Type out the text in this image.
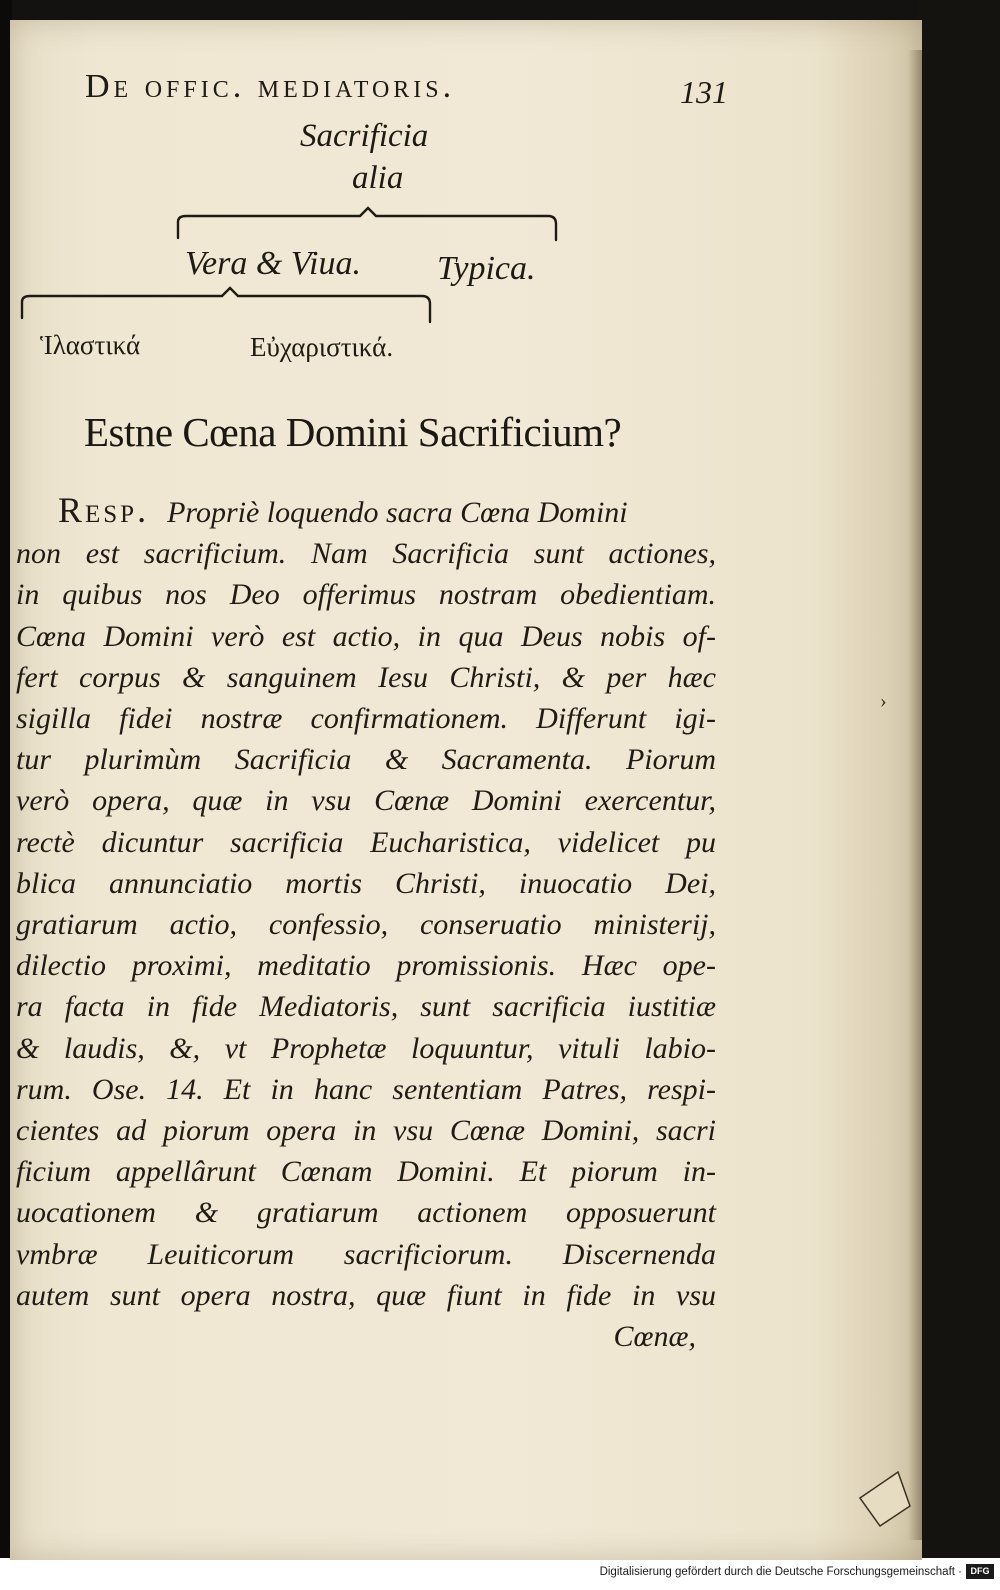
De offic. mediatoris.	131
Sacrificia
alia
Vera & Viua. Typica.
Ἱλαστικά	Εὐχαριστικά.
Estne Cœna Domini Sacrificium?
Resp. Propriè loquendo sacra Cœna Domini
non est sacrificium. Nam Sacrificia sunt actiones,
in quibus nos Deo offerimus nostram obedientiam.
Cœna Domini verò est actio, in qua Deus nobis of-
fert corpus & sanguinem Iesu Christi, & per hæc
sigilla fidei nostræ confirmationem. Differunt igi-
tur plurimùm Sacrificia & Sacramenta. Piorum
verò opera, quæ in vsu Cœnæ Domini exercentur,
rectè dicuntur sacrificia Eucharistica, videlicet pu
blica annunciatio mortis Christi, inuocatio Dei,
gratiarum actio, confessio, conseruatio ministerij,
dilectio proximi, meditatio promissionis. Hæc ope-
ra facta in fide Mediatoris, sunt sacrificia iustitiæ
& laudis, &, vt Prophetæ loquuntur, vituli labio-
rum. Ose. 14. Et in hanc sententiam Patres, respi-
cientes ad piorum opera in vsu Cœnæ Domini, sacri
ficium appellârunt Cœnam Domini. Et piorum in-
uocationem & gratiarum actionem opposuerunt
vmbræ Leuiticorum sacrificiorum. Discernenda
autem sunt opera nostra, quæ fiunt in fide in vsu
Cœnæ,
›
Digitalisierung gefördert durch die Deutsche Forschungsgemeinschaft · DFG
